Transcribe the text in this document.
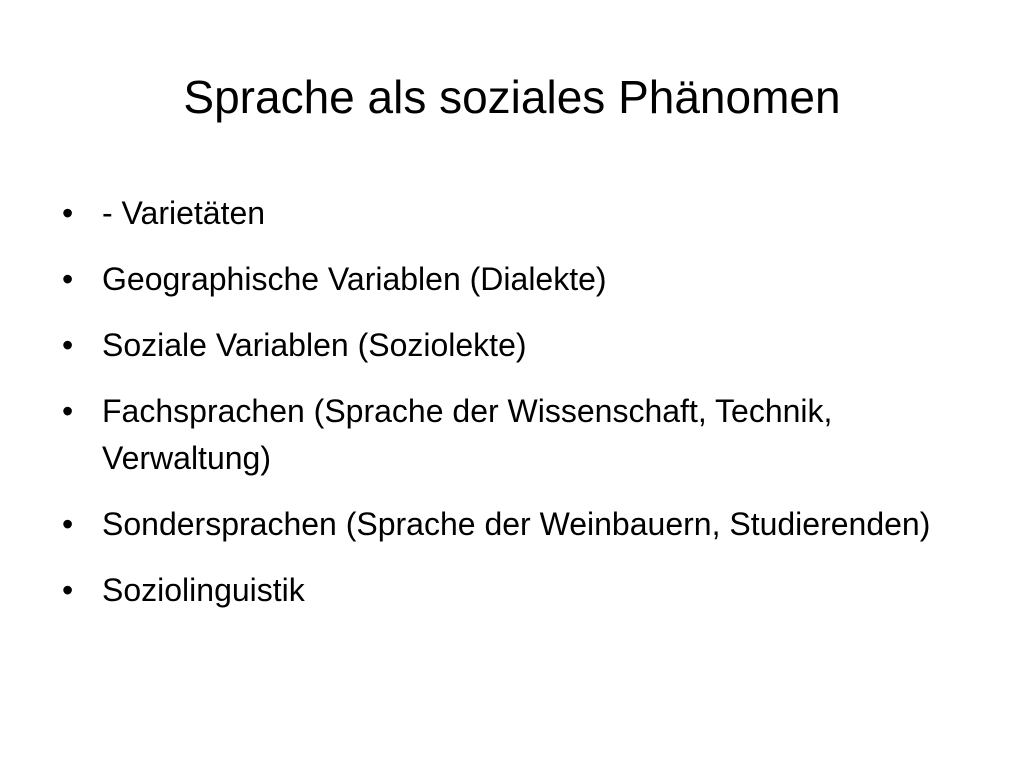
Sprache als soziales Phänomen
• - Varietäten
• Geographische Variablen (Dialekte)
• Soziale Variablen (Soziolekte)
• Fachsprachen (Sprache der Wissenschaft, Technik, Verwaltung)
• Sondersprachen (Sprache der Weinbauern, Studierenden)
• Soziolinguistik
